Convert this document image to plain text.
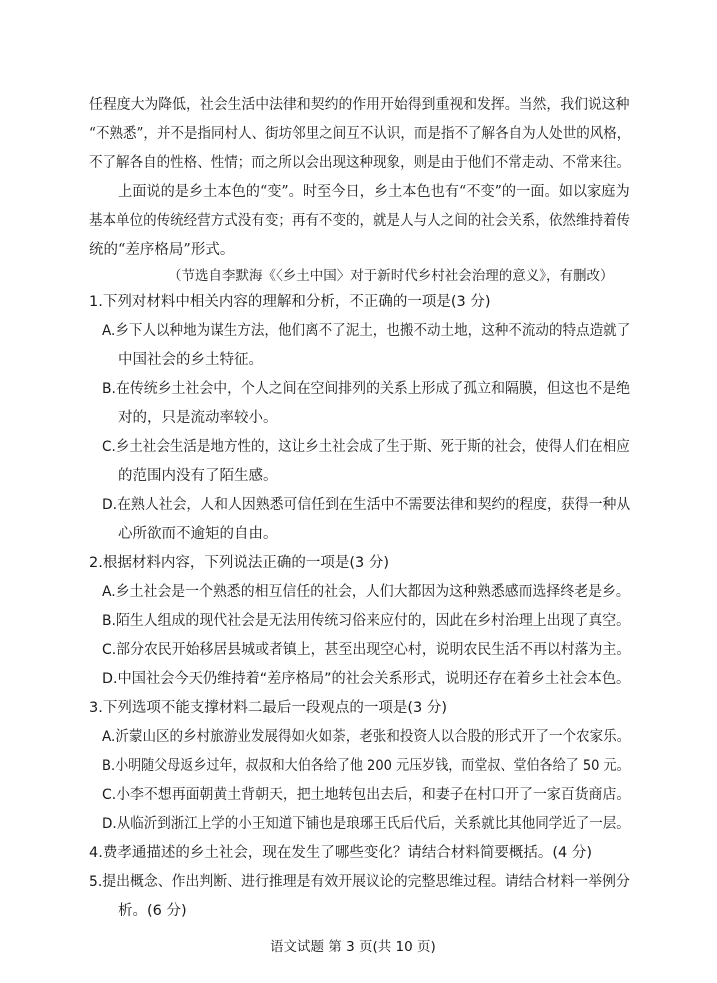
任程度大为降低，社会生活中法律和契约的作用开始得到重视和发挥。当然，我们说这种
“不熟悉”，并不是指同村人、街坊邻里之间互不认识，而是指不了解各自为人处世的风格，
不了解各自的性格、性情；而之所以会出现这种现象，则是由于他们不常走动、不常来往。
上面说的是乡土本色的“变”。时至今日，乡土本色也有“不变”的一面。如以家庭为
基本单位的传统经营方式没有变；再有不变的，就是人与人之间的社会关系，依然维持着传
统的“差序格局”形式。
（节选自李默海《〈乡土中国〉对于新时代乡村社会治理的意义》，有删改）
1.下列对材料中相关内容的理解和分析，不正确的一项是(3 分)
A.乡下人以种地为谋生方法，他们离不了泥土，也搬不动土地，这种不流动的特点造就了
中国社会的乡土特征。
B.在传统乡土社会中，个人之间在空间排列的关系上形成了孤立和隔膜，但这也不是绝
对的，只是流动率较小。
C.乡土社会生活是地方性的，这让乡土社会成了生于斯、死于斯的社会，使得人们在相应
的范围内没有了陌生感。
D.在熟人社会，人和人因熟悉可信任到在生活中不需要法律和契约的程度，获得一种从
心所欲而不逾矩的自由。
2.根据材料内容，下列说法正确的一项是(3 分)
A.乡土社会是一个熟悉的相互信任的社会，人们大都因为这种熟悉感而选择终老是乡。
B.陌生人组成的现代社会是无法用传统习俗来应付的，因此在乡村治理上出现了真空。
C.部分农民开始移居县城或者镇上，甚至出现空心村，说明农民生活不再以村落为主。
D.中国社会今天仍维持着“差序格局”的社会关系形式，说明还存在着乡土社会本色。
3.下列选项不能支撑材料二最后一段观点的一项是(3 分)
A.沂蒙山区的乡村旅游业发展得如火如荼，老张和投资人以合股的形式开了一个农家乐。
B.小明随父母返乡过年，叔叔和大伯各给了他 200 元压岁钱，而堂叔、堂伯各给了 50 元。
C.小李不想再面朝黄土背朝天，把土地转包出去后，和妻子在村口开了一家百货商店。
D.从临沂到浙江上学的小王知道下铺也是琅琊王氏后代后，关系就比其他同学近了一层。
4.费孝通描述的乡土社会，现在发生了哪些变化？请结合材料简要概括。(4 分)
5.提出概念、作出判断、进行推理是有效开展议论的完整思维过程。请结合材料一举例分
析。(6 分)
语文试题 第 3 页(共 10 页)
